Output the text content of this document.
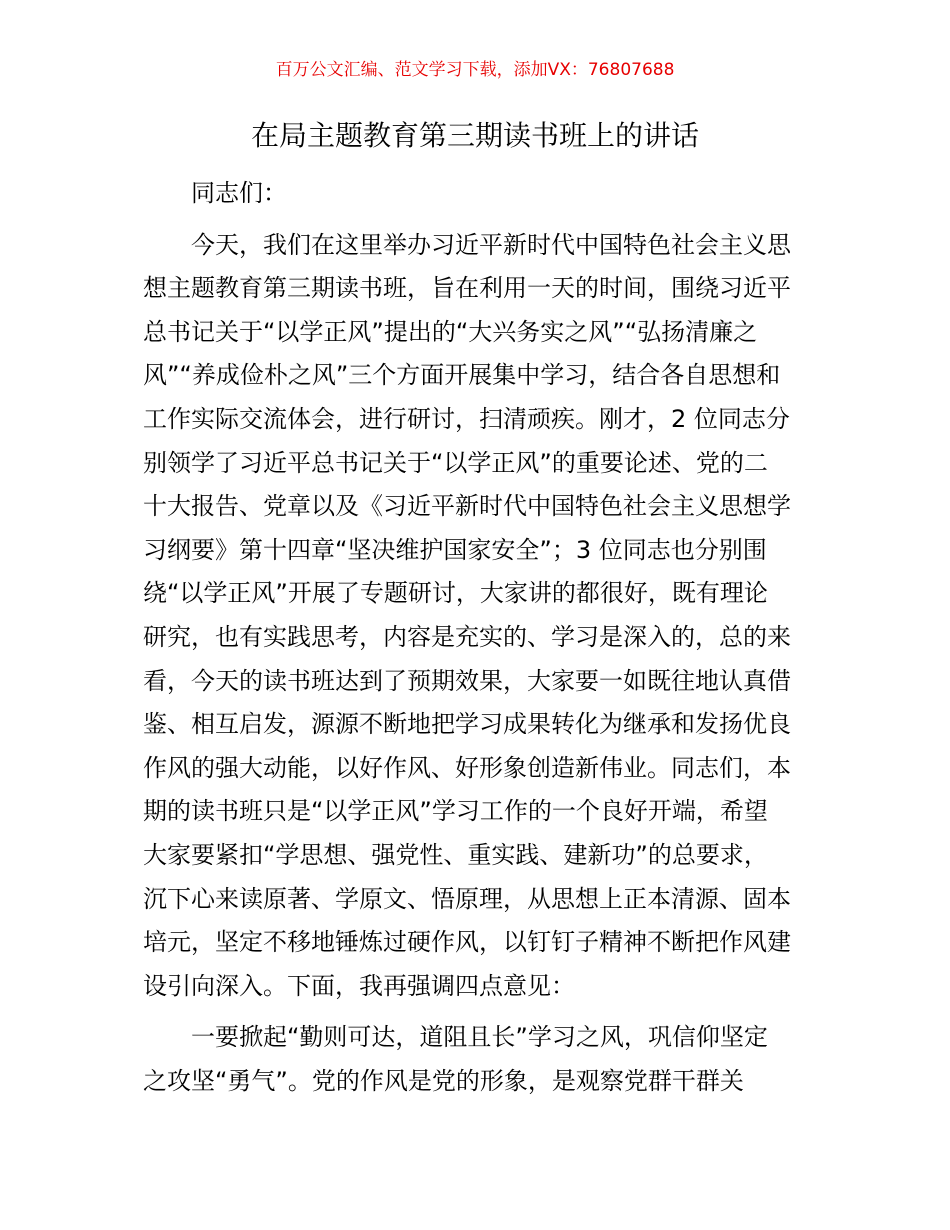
百万公文汇编、范文学习下载，添加VX：76807688
在局主题教育第三期读书班上的讲话
同志们：
今天，我们在这里举办习近平新时代中国特色社会主义思
想主题教育第三期读书班，旨在利用一天的时间，围绕习近平
总书记关于“以学正风”提出的“大兴务实之风”“弘扬清廉之
风”“养成俭朴之风”三个方面开展集中学习，结合各自思想和
工作实际交流体会，进行研讨，扫清顽疾。刚才，2 位同志分
别领学了习近平总书记关于“以学正风”的重要论述、党的二
十大报告、党章以及《习近平新时代中国特色社会主义思想学
习纲要》第十四章“坚决维护国家安全”；3 位同志也分别围
绕“以学正风”开展了专题研讨，大家讲的都很好，既有理论
研究，也有实践思考，内容是充实的、学习是深入的，总的来
看，今天的读书班达到了预期效果，大家要一如既往地认真借
鉴、相互启发，源源不断地把学习成果转化为继承和发扬优良
作风的强大动能，以好作风、好形象创造新伟业。同志们，本
期的读书班只是“以学正风”学习工作的一个良好开端，希望
大家要紧扣“学思想、强党性、重实践、建新功”的总要求，
沉下心来读原著、学原文、悟原理，从思想上正本清源、固本
培元，坚定不移地锤炼过硬作风，以钉钉子精神不断把作风建
设引向深入。下面，我再强调四点意见：
一要掀起“勤则可达，道阻且长”学习之风，巩信仰坚定
之攻坚“勇气”。党的作风是党的形象，是观察党群干群关
